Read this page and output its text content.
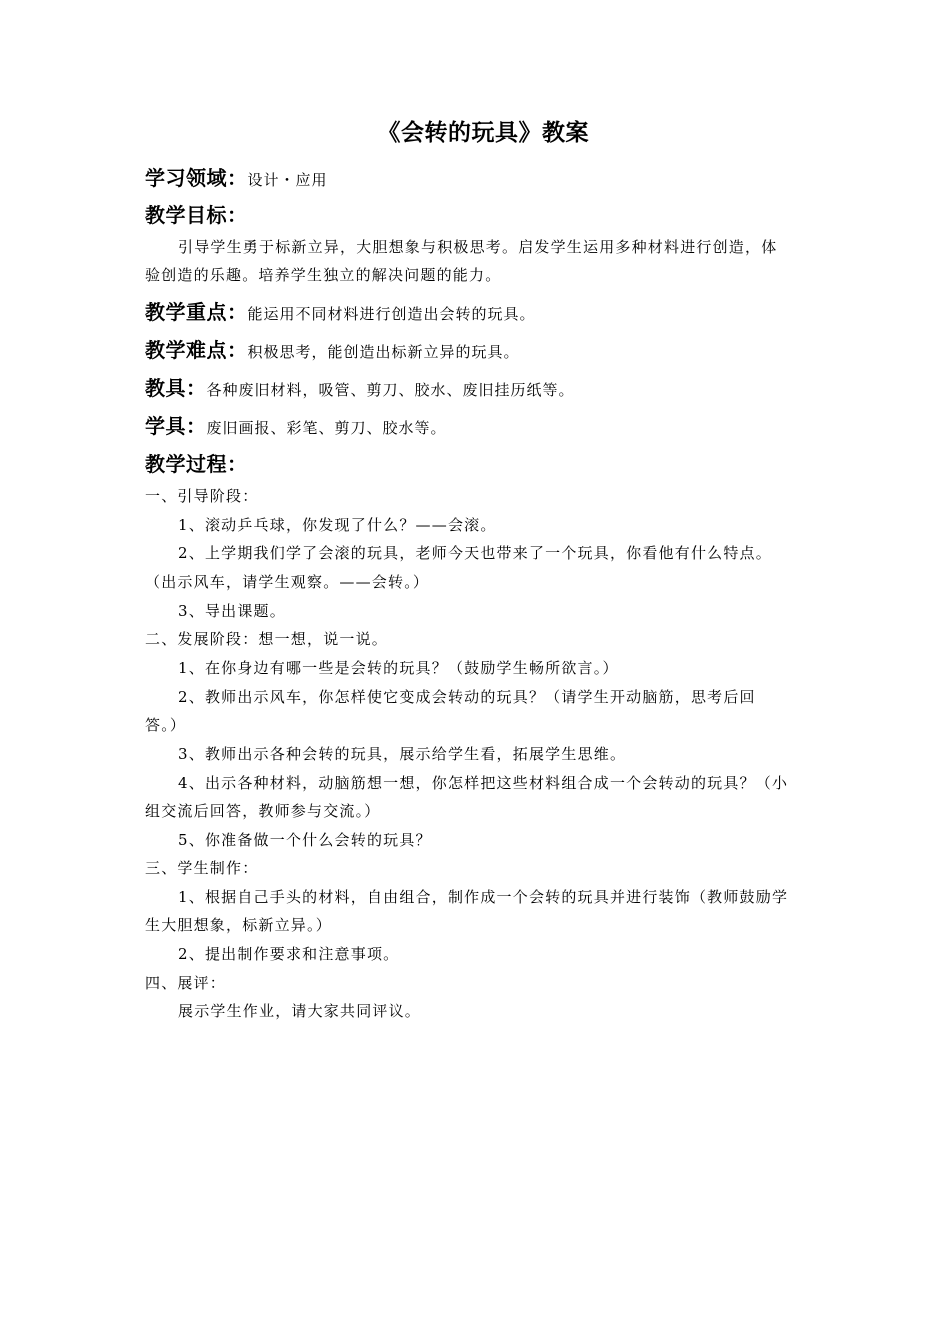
《会转的玩具》教案
学习领域：设计・应用
教学目标：
引导学生勇于标新立异，大胆想象与积极思考。启发学生运用多种材料进行创造，体
验创造的乐趣。培养学生独立的解决问题的能力。
教学重点：能运用不同材料进行创造出会转的玩具。
教学难点：积极思考，能创造出标新立异的玩具。
教具：各种废旧材料，吸管、剪刀、胶水、废旧挂历纸等。
学具：废旧画报、彩笔、剪刀、胶水等。
教学过程：
一、引导阶段：
1、滚动乒乓球，你发现了什么？——会滚。
2、上学期我们学了会滚的玩具，老师今天也带来了一个玩具，你看他有什么特点。
（出示风车，请学生观察。——会转。）
3、导出课题。
二、发展阶段：想一想，说一说。
1、在你身边有哪一些是会转的玩具？（鼓励学生畅所欲言。）
2、教师出示风车，你怎样使它变成会转动的玩具？（请学生开动脑筋，思考后回
答。）
3、教师出示各种会转的玩具，展示给学生看，拓展学生思维。
4、出示各种材料，动脑筋想一想，你怎样把这些材料组合成一个会转动的玩具？（小
组交流后回答，教师参与交流。）
5、你准备做一个什么会转的玩具？
三、学生制作：
1、根据自己手头的材料，自由组合，制作成一个会转的玩具并进行装饰（教师鼓励学
生大胆想象，标新立异。）
2、提出制作要求和注意事项。
四、展评：
展示学生作业，请大家共同评议。
